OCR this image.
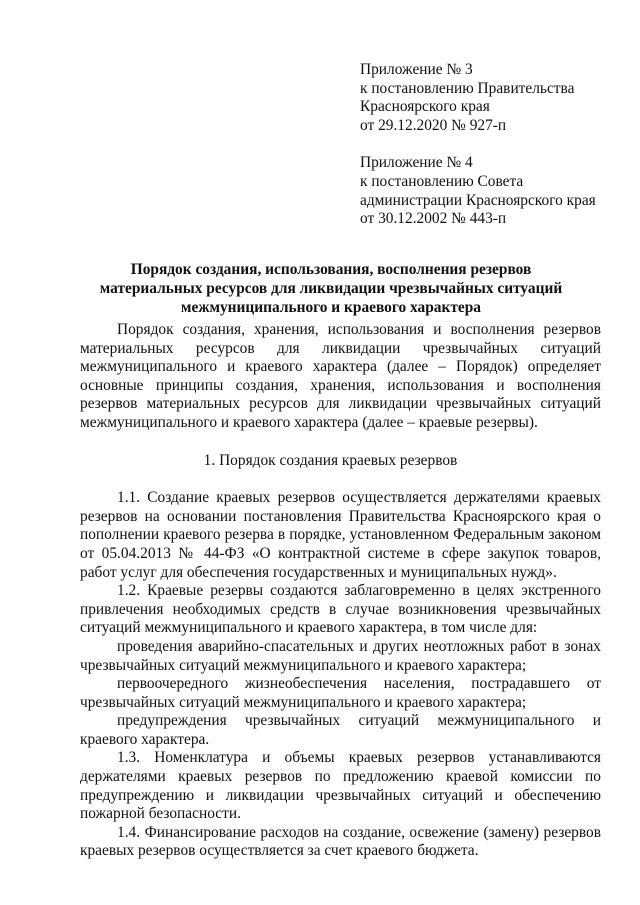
Приложение № 3

к постановлению Правительства

Красноярского края

от 29.12.2020 № 927-п

Приложение № 4

к постановлению Совета

администрации Красноярского края

от 30.12.2002 № 443-п

Порядок создания, использования, восполнения резервов

материальных ресурсов для ликвидации чрезвычайных ситуаций

межмуниципального и краевого характера

Порядок создания, хранения, использования и восполнения резервов материальных ресурсов для ликвидации чрезвычайных ситуаций межмуниципального и краевого характера (далее – Порядок) определяет основные принципы создания, хранения, использования и восполнения резервов материальных ресурсов для ликвидации чрезвычайных ситуаций межмуниципального и краевого характера (далее – краевые резервы).

1. Порядок создания краевых резервов

1.1. Создание краевых резервов осуществляется держателями краевых резервов на основании постановления Правительства Красноярского края о пополнении краевого резерва в порядке, установленном Федеральным законом от 05.04.2013 № 44-ФЗ «О контрактной системе в сфере закупок товаров, работ услуг для обеспечения государственных и муниципальных нужд».

1.2. Краевые резервы создаются заблаговременно в целях экстренного привлечения необходимых средств в случае возникновения чрезвычайных ситуаций межмуниципального и краевого характера, в том числе для:

проведения аварийно-спасательных и других неотложных работ в зонах чрезвычайных ситуаций межмуниципального и краевого характера;

первоочередного жизнеобеспечения населения, пострадавшего от чрезвычайных ситуаций межмуниципального и краевого характера;

предупреждения чрезвычайных ситуаций межмуниципального и краевого характера.

1.3. Номенклатура и объемы краевых резервов устанавливаются держателями краевых резервов по предложению краевой комиссии по предупреждению и ликвидации чрезвычайных ситуаций и обеспечению пожарной безопасности.

1.4. Финансирование расходов на создание, освежение (замену) резервов краевых резервов осуществляется за счет краевого бюджета.
